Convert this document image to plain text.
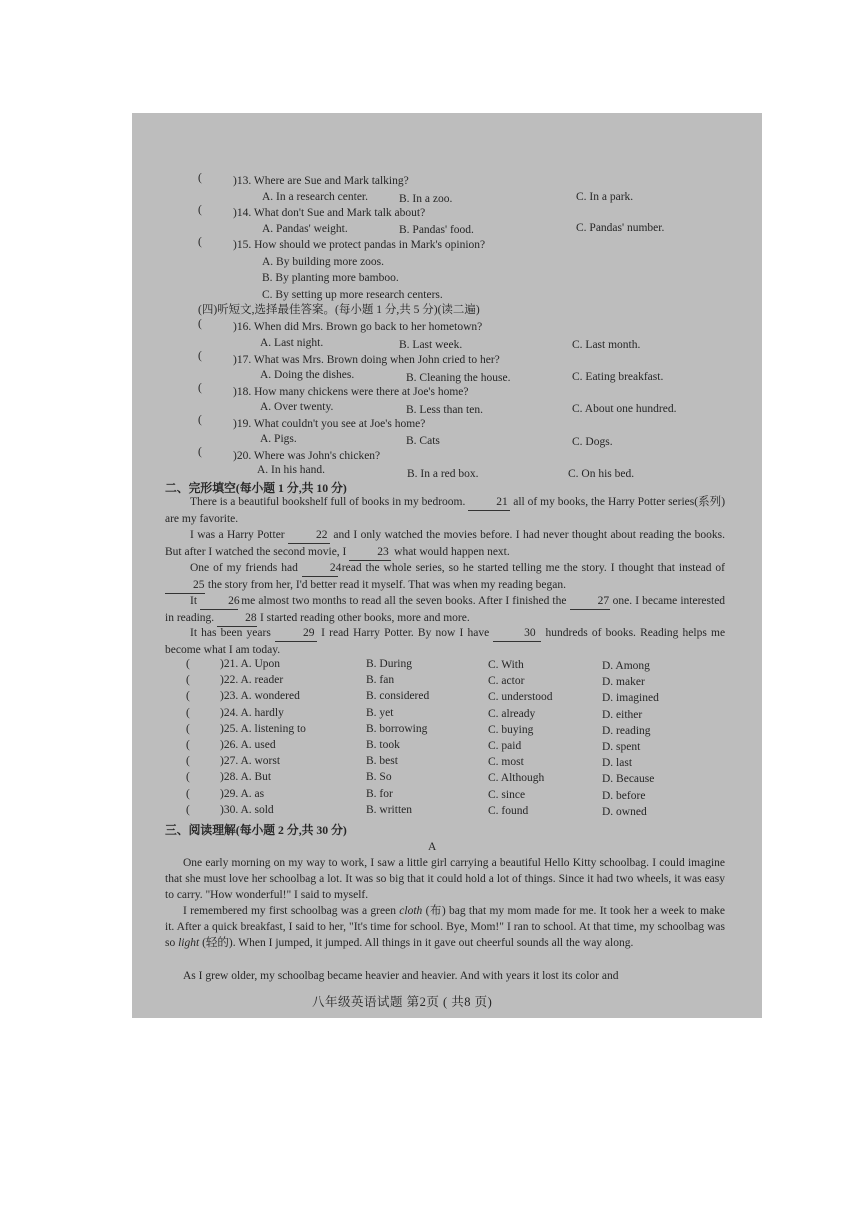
(	)13. Where are Sue and Mark talking?
A. In a research center.	B. In a zoo.	C. In a park.
(	)14. What don't Sue and Mark talk about?
A. Pandas' weight.	B. Pandas' food.	C. Pandas' number.
(	)15. How should we protect pandas in Mark's opinion?
A. By building more zoos.
B. By planting more bamboo.
C. By setting up more research centers.
(四)听短文,选择最佳答案。(每小题 1 分,共 5 分)(读二遍)
(	)16. When did Mrs. Brown go back to her hometown?
A. Last night.	B. Last week.	C. Last month.
(	)17. What was Mrs. Brown doing when John cried to her?
A. Doing the dishes.	B. Cleaning the house.	C. Eating breakfast.
(	)18. How many chickens were there at Joe's home?
A. Over twenty.	B. Less than ten.	C. About one hundred.
(	)19. What couldn't you see at Joe's home?
A. Pigs.	B. Cats	C. Dogs.
(	)20. Where was John's chicken?
A. In his hand.	B. In a red box.	C. On his bed.
二、完形填空(每小题 1 分,共 10 分)
There is a beautiful bookshelf full of books in my bedroom.	21 all of my books, the Harry Potter series(系列) are my favorite.
I was a Harry Potter	22 and I only watched the movies before. I had never thought about reading the books. But after I watched the second movie, I	23 what would happen next.
One of my friends had	24 read the whole series, so he started telling me the story. I thought that instead of 25 the story from her, I'd better read it myself. That was when my reading began.
It	26 me almost two months to read all the seven books. After I finished the	27 one. I became interested in reading.	28 I started reading other books, more and more.
It has been years	29 I read Harry Potter. By now I have	30 hundreds of books. Reading helps me become what I am today.
(	)21. A. Upon	B. During	C. With	D. Among
(	)22. A. reader	B. fan	C. actor	D. maker
(	)23. A. wondered	B. considered	C. understood	D. imagined
(	)24. A. hardly	B. yet	C. already	D. either
(	)25. A. listening to	B. borrowing	C. buying	D. reading
(	)26. A. used	B. took	C. paid	D. spent
(	)27. A. worst	B. best	C. most	D. last
(	)28. A. But	B. So	C. Although	D. Because
(	)29. A. as	B. for	C. since	D. before
(	)30. A. sold	B. written	C. found	D. owned
三、阅读理解(每小题 2 分,共 30 分)
A
One early morning on my way to work, I saw a little girl carrying a beautiful Hello Kitty schoolbag. I could imagine that she must love her schoolbag a lot. It was so big that it could hold a lot of things. Since it had two wheels, it was easy to carry. "How wonderful!" I said to myself.
I remembered my first schoolbag was a green cloth (布) bag that my mom made for me. It took her a week to make it. After a quick breakfast, I said to her, "It's time for school. Bye, Mom!" I ran to school. At that time, my schoolbag was so light (轻的). When I jumped, it jumped. All things in it gave out cheerful sounds all the way along.
As I grew older, my schoolbag became heavier and heavier. And with years it lost its color and
八年级英语试题 第2页 ( 共8 页)
